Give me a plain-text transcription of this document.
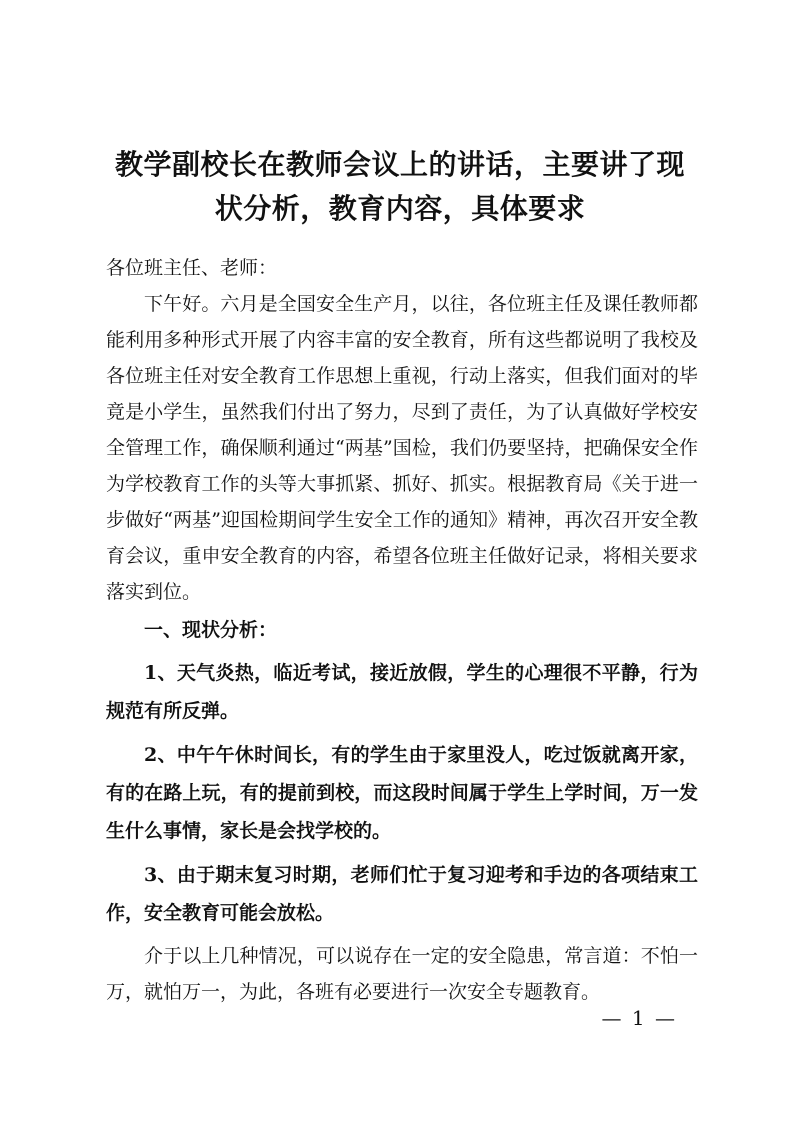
教学副校长在教师会议上的讲话，主要讲了现
状分析，教育内容，具体要求

各位班主任、老师：

下午好。六月是全国安全生产月，以往，各位班主任及课任教师都能利用多种形式开展了内容丰富的安全教育，所有这些都说明了我校及各位班主任对安全教育工作思想上重视，行动上落实，但我们面对的毕竟是小学生，虽然我们付出了努力，尽到了责任，为了认真做好学校安全管理工作，确保顺利通过“两基”国检，我们仍要坚持，把确保安全作为学校教育工作的头等大事抓紧、抓好、抓实。根据教育局《关于进一步做好“两基”迎国检期间学生安全工作的通知》精神，再次召开安全教育会议，重申安全教育的内容，希望各位班主任做好记录，将相关要求落实到位。

一、现状分析：

1、天气炎热，临近考试，接近放假，学生的心理很不平静，行为规范有所反弹。

2、中午午休时间长，有的学生由于家里没人，吃过饭就离开家，有的在路上玩，有的提前到校，而这段时间属于学生上学时间，万一发生什么事情，家长是会找学校的。

3、由于期末复习时期，老师们忙于复习迎考和手边的各项结束工作，安全教育可能会放松。

介于以上几种情况，可以说存在一定的安全隐患，常言道：不怕一万，就怕万一，为此，各班有必要进行一次安全专题教育。

— 1 —
